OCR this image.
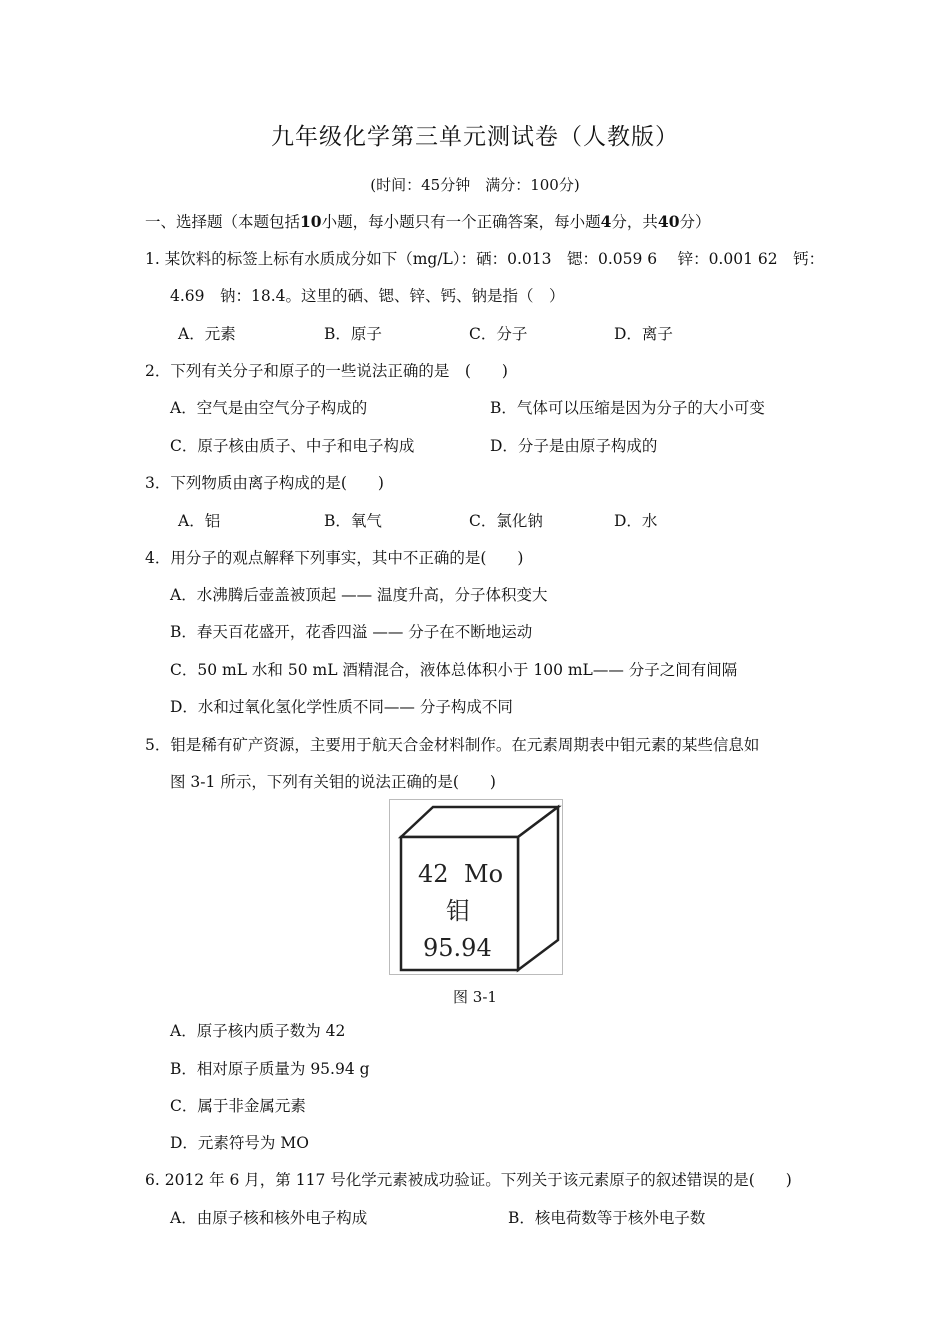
九年级化学第三单元测试卷（人教版）
(时间：45分钟　满分：100分)
一、选择题（本题包括10小题，每小题只有一个正确答案，每小题4分，共40分）
1. 某饮料的标签上标有水质成分如下（mg/L）：硒：0.013　锶：0.059 6　 锌：0.001 62　钙：
4.69　钠：18.4。这里的硒、锶、锌、钙、钠是指（　）
A．元素	B．原子	C．分子	D．离子
2．下列有关分子和原子的一些说法正确的是　(　　)
A．空气是由空气分子构成的	B．气体可以压缩是因为分子的大小可变
C．原子核由质子、中子和电子构成	D．分子是由原子构成的
3．下列物质由离子构成的是(　　)
A．铝	B．氧气	C．氯化钠	D．水
4．用分子的观点解释下列事实，其中不正确的是(　　)
A．水沸腾后壶盖被顶起 —— 温度升高，分子体积变大
B．春天百花盛开，花香四溢 —— 分子在不断地运动
C．50 mL 水和 50 mL 酒精混合，液体总体积小于 100 mL—— 分子之间有间隔
D．水和过氧化氢化学性质不同—— 分子构成不同
5．钼是稀有矿产资源，主要用于航天合金材料制作。在元素周期表中钼元素的某些信息如
图 3-1 所示，下列有关钼的说法正确的是(　　)
42 Mo
钼
95.94
图 3-1
A．原子核内质子数为 42
B．相对原子质量为 95.94 g
C．属于非金属元素
D．元素符号为 MO
6. 2012 年 6 月，第 117 号化学元素被成功验证。下列关于该元素原子的叙述错误的是(　　)
A．由原子核和核外电子构成	B．核电荷数等于核外电子数
